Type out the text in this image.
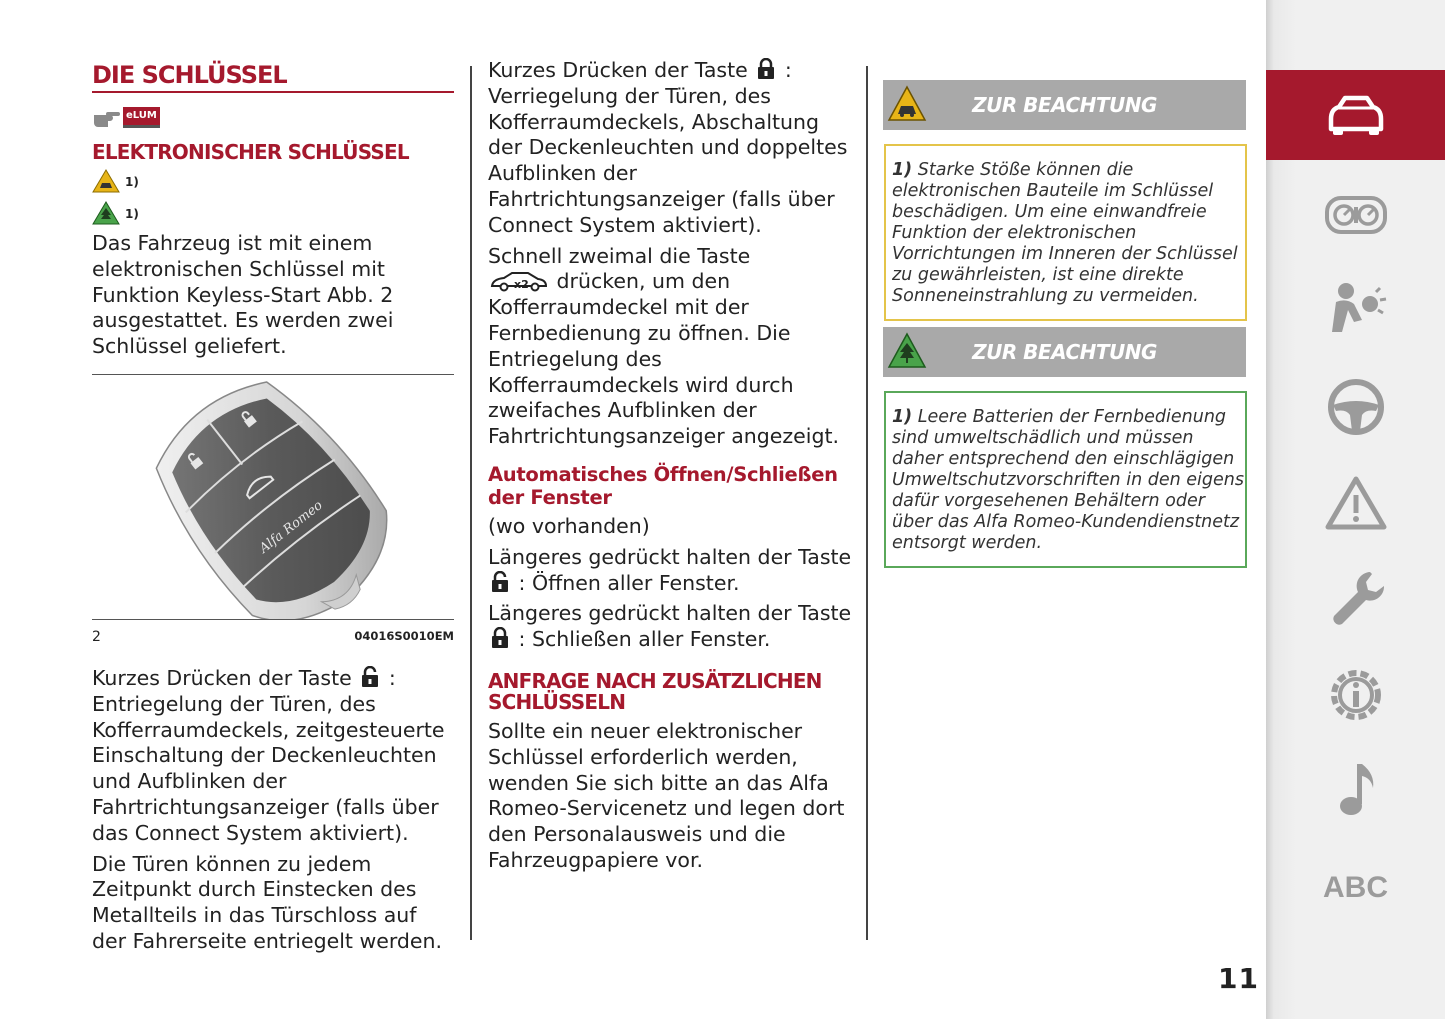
DIE SCHLÜSSEL
eLUM
ELEKTRONISCHER SCHLÜSSEL
1)
1)

Das Fahrzeug ist mit einem elektronischen Schlüssel mit Funktion Keyless-Start Abb. 2 ausgestattet. Es werden zwei Schlüssel geliefert.

Alfa Romeo
2	04016S0010EM

Kurzes Drücken der Taste : Entriegelung der Türen, des Kofferraumdeckels, zeitgesteuerte Einschaltung der Deckenleuchten und Aufblinken der Fahrtrichtungsanzeiger (falls über das Connect System aktiviert).

Die Türen können zu jedem Zeitpunkt durch Einstecken des Metallteils in das Türschloss auf der Fahrerseite entriegelt werden.

Kurzes Drücken der Taste : Verriegelung der Türen, des Kofferraumdeckels, Abschaltung der Deckenleuchten und doppeltes Aufblinken der Fahrtrichtungsanzeiger (falls über Connect System aktiviert).

Schnell zweimal die Taste

x2 drücken, um den Kofferraumdeckel mit der Fernbedienung zu öffnen. Die Entriegelung des Kofferraumdeckels wird durch zweifaches Aufblinken der Fahrtrichtungsanzeiger angezeigt.

Automatisches Öffnen/Schließen der Fenster

(wo vorhanden)

Längeres gedrückt halten der Taste  : Öffnen aller Fenster.

Längeres gedrückt halten der Taste  : Schließen aller Fenster.

ANFRAGE NACH ZUSÄTZLICHEN SCHLÜSSELN

Sollte ein neuer elektronischer Schlüssel erforderlich werden, wenden Sie sich bitte an das Alfa Romeo-Servicenetz und legen dort den Personalausweis und die Fahrzeugpapiere vor.

ZUR BEACHTUNG
1) Starke Stöße können die elektronischen Bauteile im Schlüssel beschädigen. Um eine einwandfreie Funktion der elektronischen Vorrichtungen im Inneren der Schlüssel zu gewährleisten, ist eine direkte Sonneneinstrahlung zu vermeiden.
ZUR BEACHTUNG
1) Leere Batterien der Fernbedienung sind umweltschädlich und müssen daher entsprechend den einschlägigen Umweltschutzvorschriften in den eigens dafür vorgesehenen Behältern oder über das Alfa Romeo-Kundendienstnetz entsorgt werden.
11
ABC
